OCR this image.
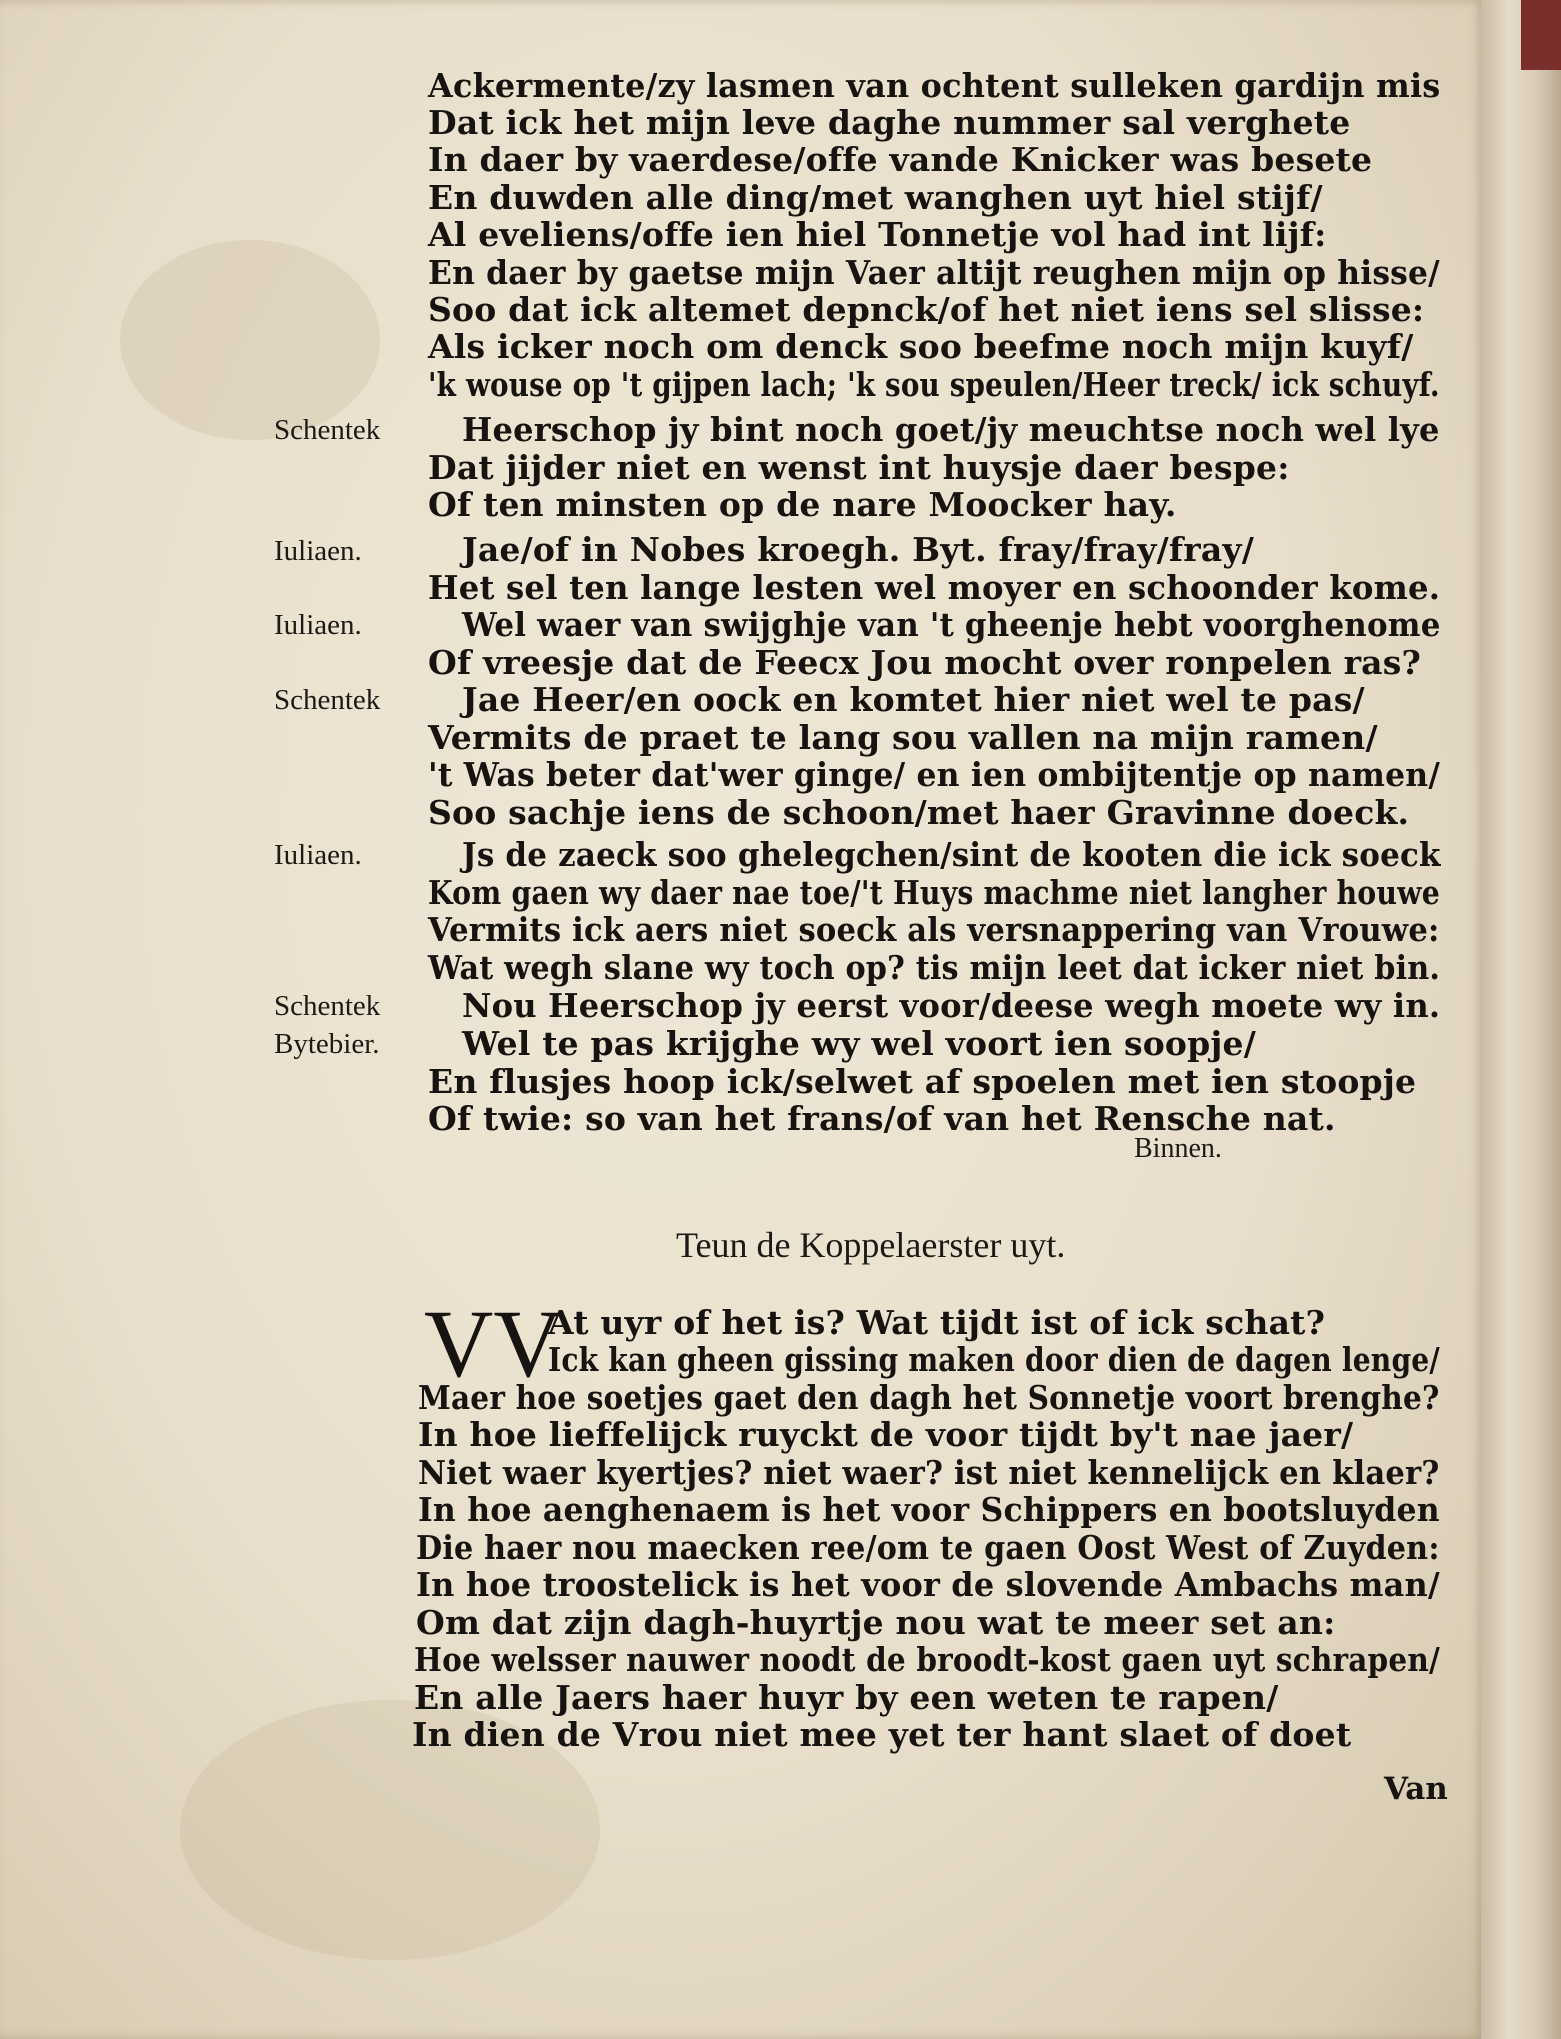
Ackermente/zy lasmen van ochtent sulleken gardijn mis
Dat ick het mijn leve daghe nummer sal verghete
In daer by vaerdese/offe vande Knicker was besete
En duwden alle ding/met wanghen uyt hiel stijf/
Al eveliens/offe ien hiel Tonnetje vol had int lijf:
En daer by gaetse mijn Vaer altijt reughen mijn op hisse/
Soo dat ick altemet depnck/of het niet iens sel slisse:
Als icker noch om denck soo beefme noch mijn kuyf/
'k wouse op 't gijpen lach; 'k sou speulen/Heer treck/ ick schuyf.
Schentek Heerschop jy bint noch goet/jy meuchtse noch wel lye
Dat jijder niet en wenst int huysje daer bespe:
Of ten minsten op de nare Moocker hay.
Iuliaen.	Jae/of in Nobes kroegh. Byt. fray/fray/fray/
Het sel ten lange lesten wel moyer en schoonder kome.
Iuliaen.	Wel waer van swijghje van 't gheenje hebt voorghenome
Of vreesje dat de Feecx Jou mocht over ronpelen ras?
Schentek Jae Heer/en oock en komtet hier niet wel te pas/
Vermits de praet te lang sou vallen na mijn ramen/
't Was beter dat'wer ginge/ en ien ombijtentje op namen/
Soo sachje iens de schoon/met haer Gravinne doeck.
Iuliaen.	Js de zaeck soo ghelegchen/sint de kooten die ick soeck
Kom gaen wy daer nae toe/'t Huys machme niet langher houwe
Vermits ick aers niet soeck als versnappering van Vrouwe:
Wat wegh slane wy toch op? tis mijn leet dat icker niet bin.
Schentek Nou Heerschop jy eerst voor/deese wegh moete wy in.
Bytebier. Wel te pas krijghe wy wel voort ien soopje/
En flusjes hoop ick/selwet af spoelen met ien stoopje
Of twie: so van het frans/of van het Rensche nat.
Binnen.
Teun de Koppelaerster uyt.
VV
At uyr of het is? Wat tijdt ist of ick schat?
Ick kan gheen gissing maken door dien de dagen lenge/
Maer hoe soetjes gaet den dagh het Sonnetje voort brenghe?
In hoe lieffelijck ruyckt de voor tijdt by't nae jaer/
Niet waer kyertjes? niet waer? ist niet kennelijck en klaer?
In hoe aenghenaem is het voor Schippers en bootsluyden
Die haer nou maecken ree/om te gaen Oost West of Zuyden:
In hoe troostelick is het voor de slovende Ambachs man/
Om dat zijn dagh-huyrtje nou wat te meer set an:
Hoe welsser nauwer noodt de broodt-kost gaen uyt schrapen/
En alle Jaers haer huyr by een weten te rapen/
In dien de Vrou niet mee yet ter hant slaet of doet
Van
